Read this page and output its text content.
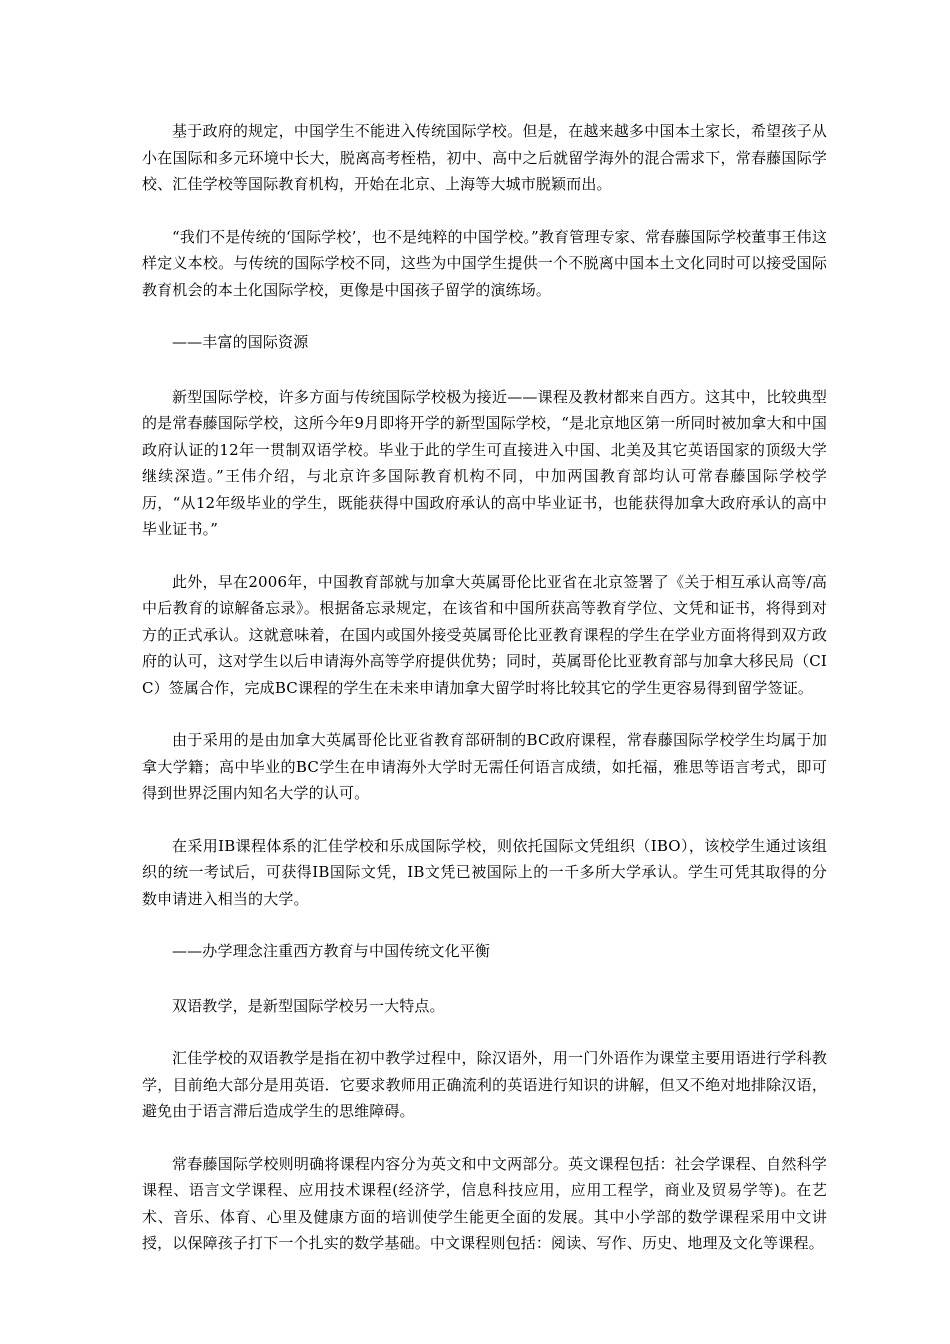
基于政府的规定，中国学生不能进入传统国际学校。但是，在越来越多中国本土家长，希望孩子从小在国际和多元环境中长大，脱离高考桎梏，初中、高中之后就留学海外的混合需求下，常春藤国际学校、汇佳学校等国际教育机构，开始在北京、上海等大城市脱颖而出。

“我们不是传统的‘国际学校’，也不是纯粹的中国学校。”教育管理专家、常春藤国际学校董事王伟这样定义本校。与传统的国际学校不同，这些为中国学生提供一个不脱离中国本土文化同时可以接受国际教育机会的本土化国际学校，更像是中国孩子留学的演练场。

——丰富的国际资源

新型国际学校，许多方面与传统国际学校极为接近——课程及教材都来自西方。这其中，比较典型的是常春藤国际学校，这所今年9月即将开学的新型国际学校，“是北京地区第一所同时被加拿大和中国政府认证的12年一贯制双语学校。毕业于此的学生可直接进入中国、北美及其它英语国家的顶级大学继续深造。”王伟介绍，与北京许多国际教育机构不同，中加两国教育部均认可常春藤国际学校学历，“从12年级毕业的学生，既能获得中国政府承认的高中毕业证书，也能获得加拿大政府承认的高中毕业证书。”

此外，早在2006年，中国教育部就与加拿大英属哥伦比亚省在北京签署了《关于相互承认高等/高中后教育的谅解备忘录》。根据备忘录规定，在该省和中国所获高等教育学位、文凭和证书，将得到对方的正式承认。这就意味着，在国内或国外接受英属哥伦比亚教育课程的学生在学业方面将得到双方政府的认可，这对学生以后申请海外高等学府提供优势；同时，英属哥伦比亚教育部与加拿大移民局（CIC）签属合作，完成BC课程的学生在未来申请加拿大留学时将比较其它的学生更容易得到留学签证。

由于采用的是由加拿大英属哥伦比亚省教育部研制的BC政府课程，常春藤国际学校学生均属于加拿大学籍；高中毕业的BC学生在申请海外大学时无需任何语言成绩，如托福，雅思等语言考式，即可得到世界泛围内知名大学的认可。

在采用IB课程体系的汇佳学校和乐成国际学校，则依托国际文凭组织（IBO），该校学生通过该组织的统一考试后，可获得IB国际文凭，IB文凭已被国际上的一千多所大学承认。学生可凭其取得的分数申请进入相当的大学。

——办学理念注重西方教育与中国传统文化平衡

双语教学，是新型国际学校另一大特点。

汇佳学校的双语教学是指在初中教学过程中，除汉语外，用一门外语作为课堂主要用语进行学科教学，目前绝大部分是用英语．它要求教师用正确流利的英语进行知识的讲解，但又不绝对地排除汉语，避免由于语言滞后造成学生的思维障碍。

常春藤国际学校则明确将课程内容分为英文和中文两部分。英文课程包括：社会学课程、自然科学课程、语言文学课程、应用技术课程(经济学，信息科技应用，应用工程学，商业及贸易学等)。在艺术、音乐、体育、心里及健康方面的培训使学生能更全面的发展。其中小学部的数学课程采用中文讲授，以保障孩子打下一个扎实的数学基础。中文课程则包括：阅读、写作、历史、地理及文化等课程。
